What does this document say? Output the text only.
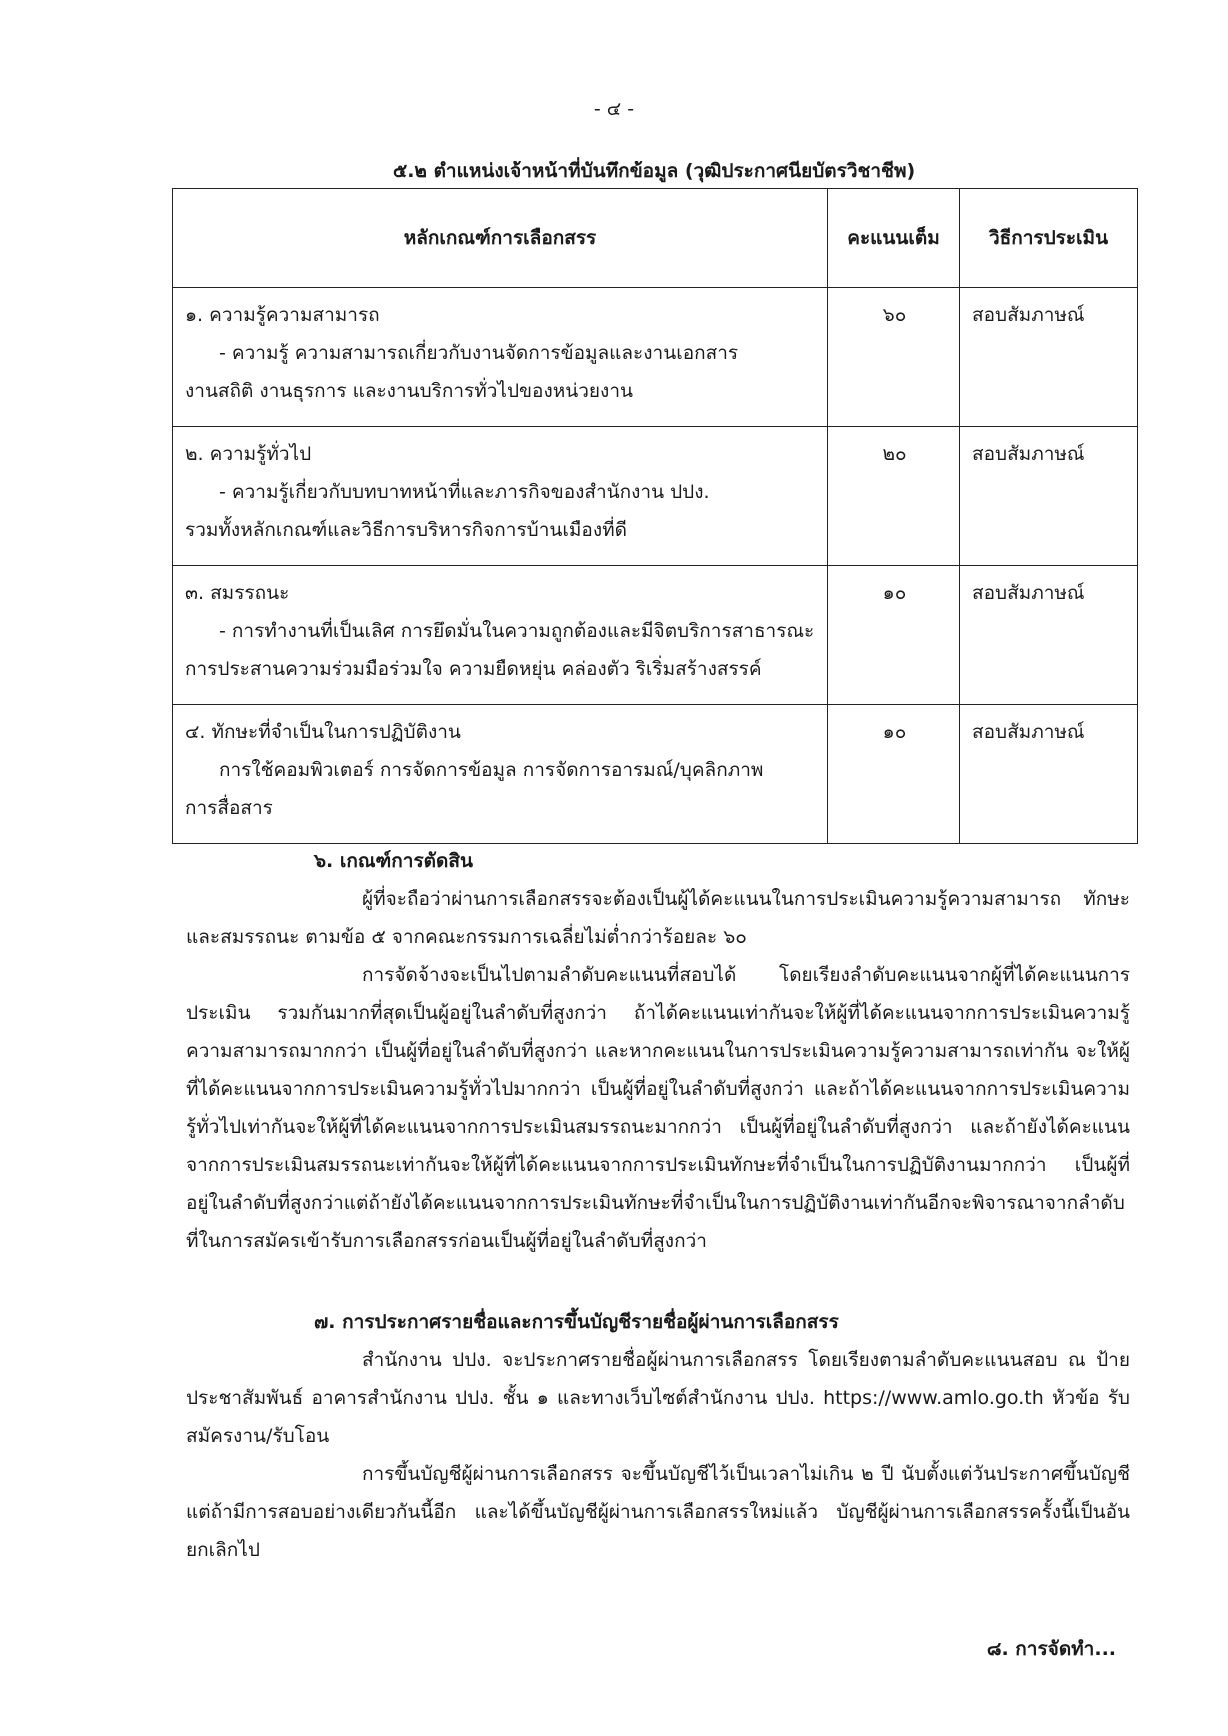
- ๔ -
๕.๒ ตำแหน่งเจ้าหน้าที่บันทึกข้อมูล (วุฒิประกาศนียบัตรวิชาชีพ)
หลักเกณฑ์การเลือกสรร	คะแนนเต็ม	วิธีการประเมิน

๑. ความรู้ความสามารถ
- ความรู้ ความสามารถเกี่ยวกับงานจัดการข้อมูลและงานเอกสาร
งานสถิติ งานธุรการ และงานบริการทั่วไปของหน่วยงาน	๖๐	สอบสัมภาษณ์

๒. ความรู้ทั่วไป
- ความรู้เกี่ยวกับบทบาทหน้าที่และภารกิจของสำนักงาน ปปง.
รวมทั้งหลักเกณฑ์และวิธีการบริหารกิจการบ้านเมืองที่ดี	๒๐	สอบสัมภาษณ์

๓. สมรรถนะ
- การทำงานที่เป็นเลิศ การยึดมั่นในความถูกต้องและมีจิตบริการสาธารณะ
การประสานความร่วมมือร่วมใจ ความยืดหยุ่น คล่องตัว ริเริ่มสร้างสรรค์	๑๐	สอบสัมภาษณ์

๔. ทักษะที่จำเป็นในการปฏิบัติงาน
การใช้คอมพิวเตอร์ การจัดการข้อมูล การจัดการอารมณ์/บุคลิกภาพ
การสื่อสาร	๑๐	สอบสัมภาษณ์
๖. เกณฑ์การตัดสิน
ผู้ที่จะถือว่าผ่านการเลือกสรรจะต้องเป็นผู้ได้คะแนนในการประเมินความรู้ความสามารถ ทักษะ และสมรรถนะ ตามข้อ ๕ จากคณะกรรมการเฉลี่ยไม่ต่ำกว่าร้อยละ ๖๐
การจัดจ้างจะเป็นไปตามลำดับคะแนนที่สอบได้ โดยเรียงลำดับคะแนนจากผู้ที่ได้คะแนนการประเมิน รวมกันมากที่สุดเป็นผู้อยู่ในลำดับที่สูงกว่า ถ้าได้คะแนนเท่ากันจะให้ผู้ที่ได้คะแนนจากการประเมินความรู้ความสามารถมากกว่า เป็นผู้ที่อยู่ในลำดับที่สูงกว่า และหากคะแนนในการประเมินความรู้ความสามารถเท่ากัน จะให้ผู้ที่ได้คะแนนจากการประเมินความรู้ทั่วไปมากกว่า เป็นผู้ที่อยู่ในลำดับที่สูงกว่า และถ้าได้คะแนนจากการประเมินความรู้ทั่วไปเท่ากันจะให้ผู้ที่ได้คะแนนจากการประเมินสมรรถนะมากกว่า เป็นผู้ที่อยู่ในลำดับที่สูงกว่า และถ้ายังได้คะแนนจากการประเมินสมรรถนะเท่ากันจะให้ผู้ที่ได้คะแนนจากการประเมินทักษะที่จำเป็นในการปฏิบัติงานมากกว่า เป็นผู้ที่อยู่ในลำดับที่สูงกว่าแต่ถ้ายังได้คะแนนจากการประเมินทักษะที่จำเป็นในการปฏิบัติงานเท่ากันอีกจะพิจารณาจากลำดับที่ในการสมัครเข้ารับการเลือกสรรก่อนเป็นผู้ที่อยู่ในลำดับที่สูงกว่า
๗. การประกาศรายชื่อและการขึ้นบัญชีรายชื่อผู้ผ่านการเลือกสรร
สำนักงาน ปปง. จะประกาศรายชื่อผู้ผ่านการเลือกสรร โดยเรียงตามลำดับคะแนนสอบ ณ ป้ายประชาสัมพันธ์ อาคารสำนักงาน ปปง. ชั้น ๑ และทางเว็บไซต์สำนักงาน ปปง. https://www.amlo.go.th หัวข้อ รับสมัครงาน/รับโอน
การขึ้นบัญชีผู้ผ่านการเลือกสรร จะขึ้นบัญชีไว้เป็นเวลาไม่เกิน ๒ ปี นับตั้งแต่วันประกาศขึ้นบัญชี แต่ถ้ามีการสอบอย่างเดียวกันนี้อีก และได้ขึ้นบัญชีผู้ผ่านการเลือกสรรใหม่แล้ว บัญชีผู้ผ่านการเลือกสรรครั้งนี้เป็นอันยกเลิกไป
๘. การจัดทำ...
